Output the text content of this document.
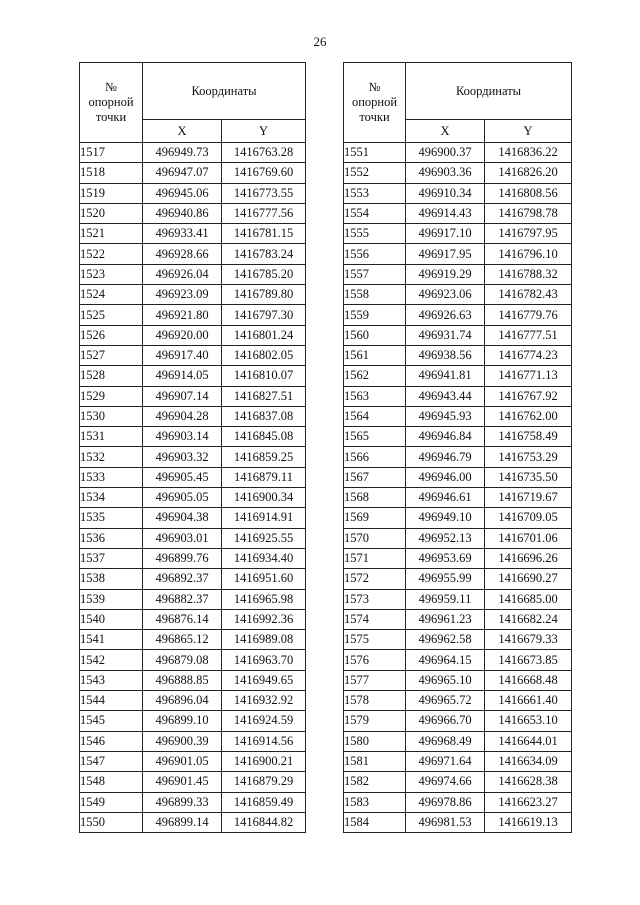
26
№
опорной
точки	Координаты	
	X	Y
1517	496949.73	1416763.28
1518	496947.07	1416769.60
1519	496945.06	1416773.55
1520	496940.86	1416777.56
1521	496933.41	1416781.15
1522	496928.66	1416783.24
1523	496926.04	1416785.20
1524	496923.09	1416789.80
1525	496921.80	1416797.30
1526	496920.00	1416801.24
1527	496917.40	1416802.05
1528	496914.05	1416810.07
1529	496907.14	1416827.51
1530	496904.28	1416837.08
1531	496903.14	1416845.08
1532	496903.32	1416859.25
1533	496905.45	1416879.11
1534	496905.05	1416900.34
1535	496904.38	1416914.91
1536	496903.01	1416925.55
1537	496899.76	1416934.40
1538	496892.37	1416951.60
1539	496882.37	1416965.98
1540	496876.14	1416992.36
1541	496865.12	1416989.08
1542	496879.08	1416963.70
1543	496888.85	1416949.65
1544	496896.04	1416932.92
1545	496899.10	1416924.59
1546	496900.39	1416914.56
1547	496901.05	1416900.21
1548	496901.45	1416879.29
1549	496899.33	1416859.49
1550	496899.14	1416844.82
№
опорной
точки	Координаты	
	X	Y
1551	496900.37	1416836.22
1552	496903.36	1416826.20
1553	496910.34	1416808.56
1554	496914.43	1416798.78
1555	496917.10	1416797.95
1556	496917.95	1416796.10
1557	496919.29	1416788.32
1558	496923.06	1416782.43
1559	496926.63	1416779.76
1560	496931.74	1416777.51
1561	496938.56	1416774.23
1562	496941.81	1416771.13
1563	496943.44	1416767.92
1564	496945.93	1416762.00
1565	496946.84	1416758.49
1566	496946.79	1416753.29
1567	496946.00	1416735.50
1568	496946.61	1416719.67
1569	496949.10	1416709.05
1570	496952.13	1416701.06
1571	496953.69	1416696.26
1572	496955.99	1416690.27
1573	496959.11	1416685.00
1574	496961.23	1416682.24
1575	496962.58	1416679.33
1576	496964.15	1416673.85
1577	496965.10	1416668.48
1578	496965.72	1416661.40
1579	496966.70	1416653.10
1580	496968.49	1416644.01
1581	496971.64	1416634.09
1582	496974.66	1416628.38
1583	496978.86	1416623.27
1584	496981.53	1416619.13
